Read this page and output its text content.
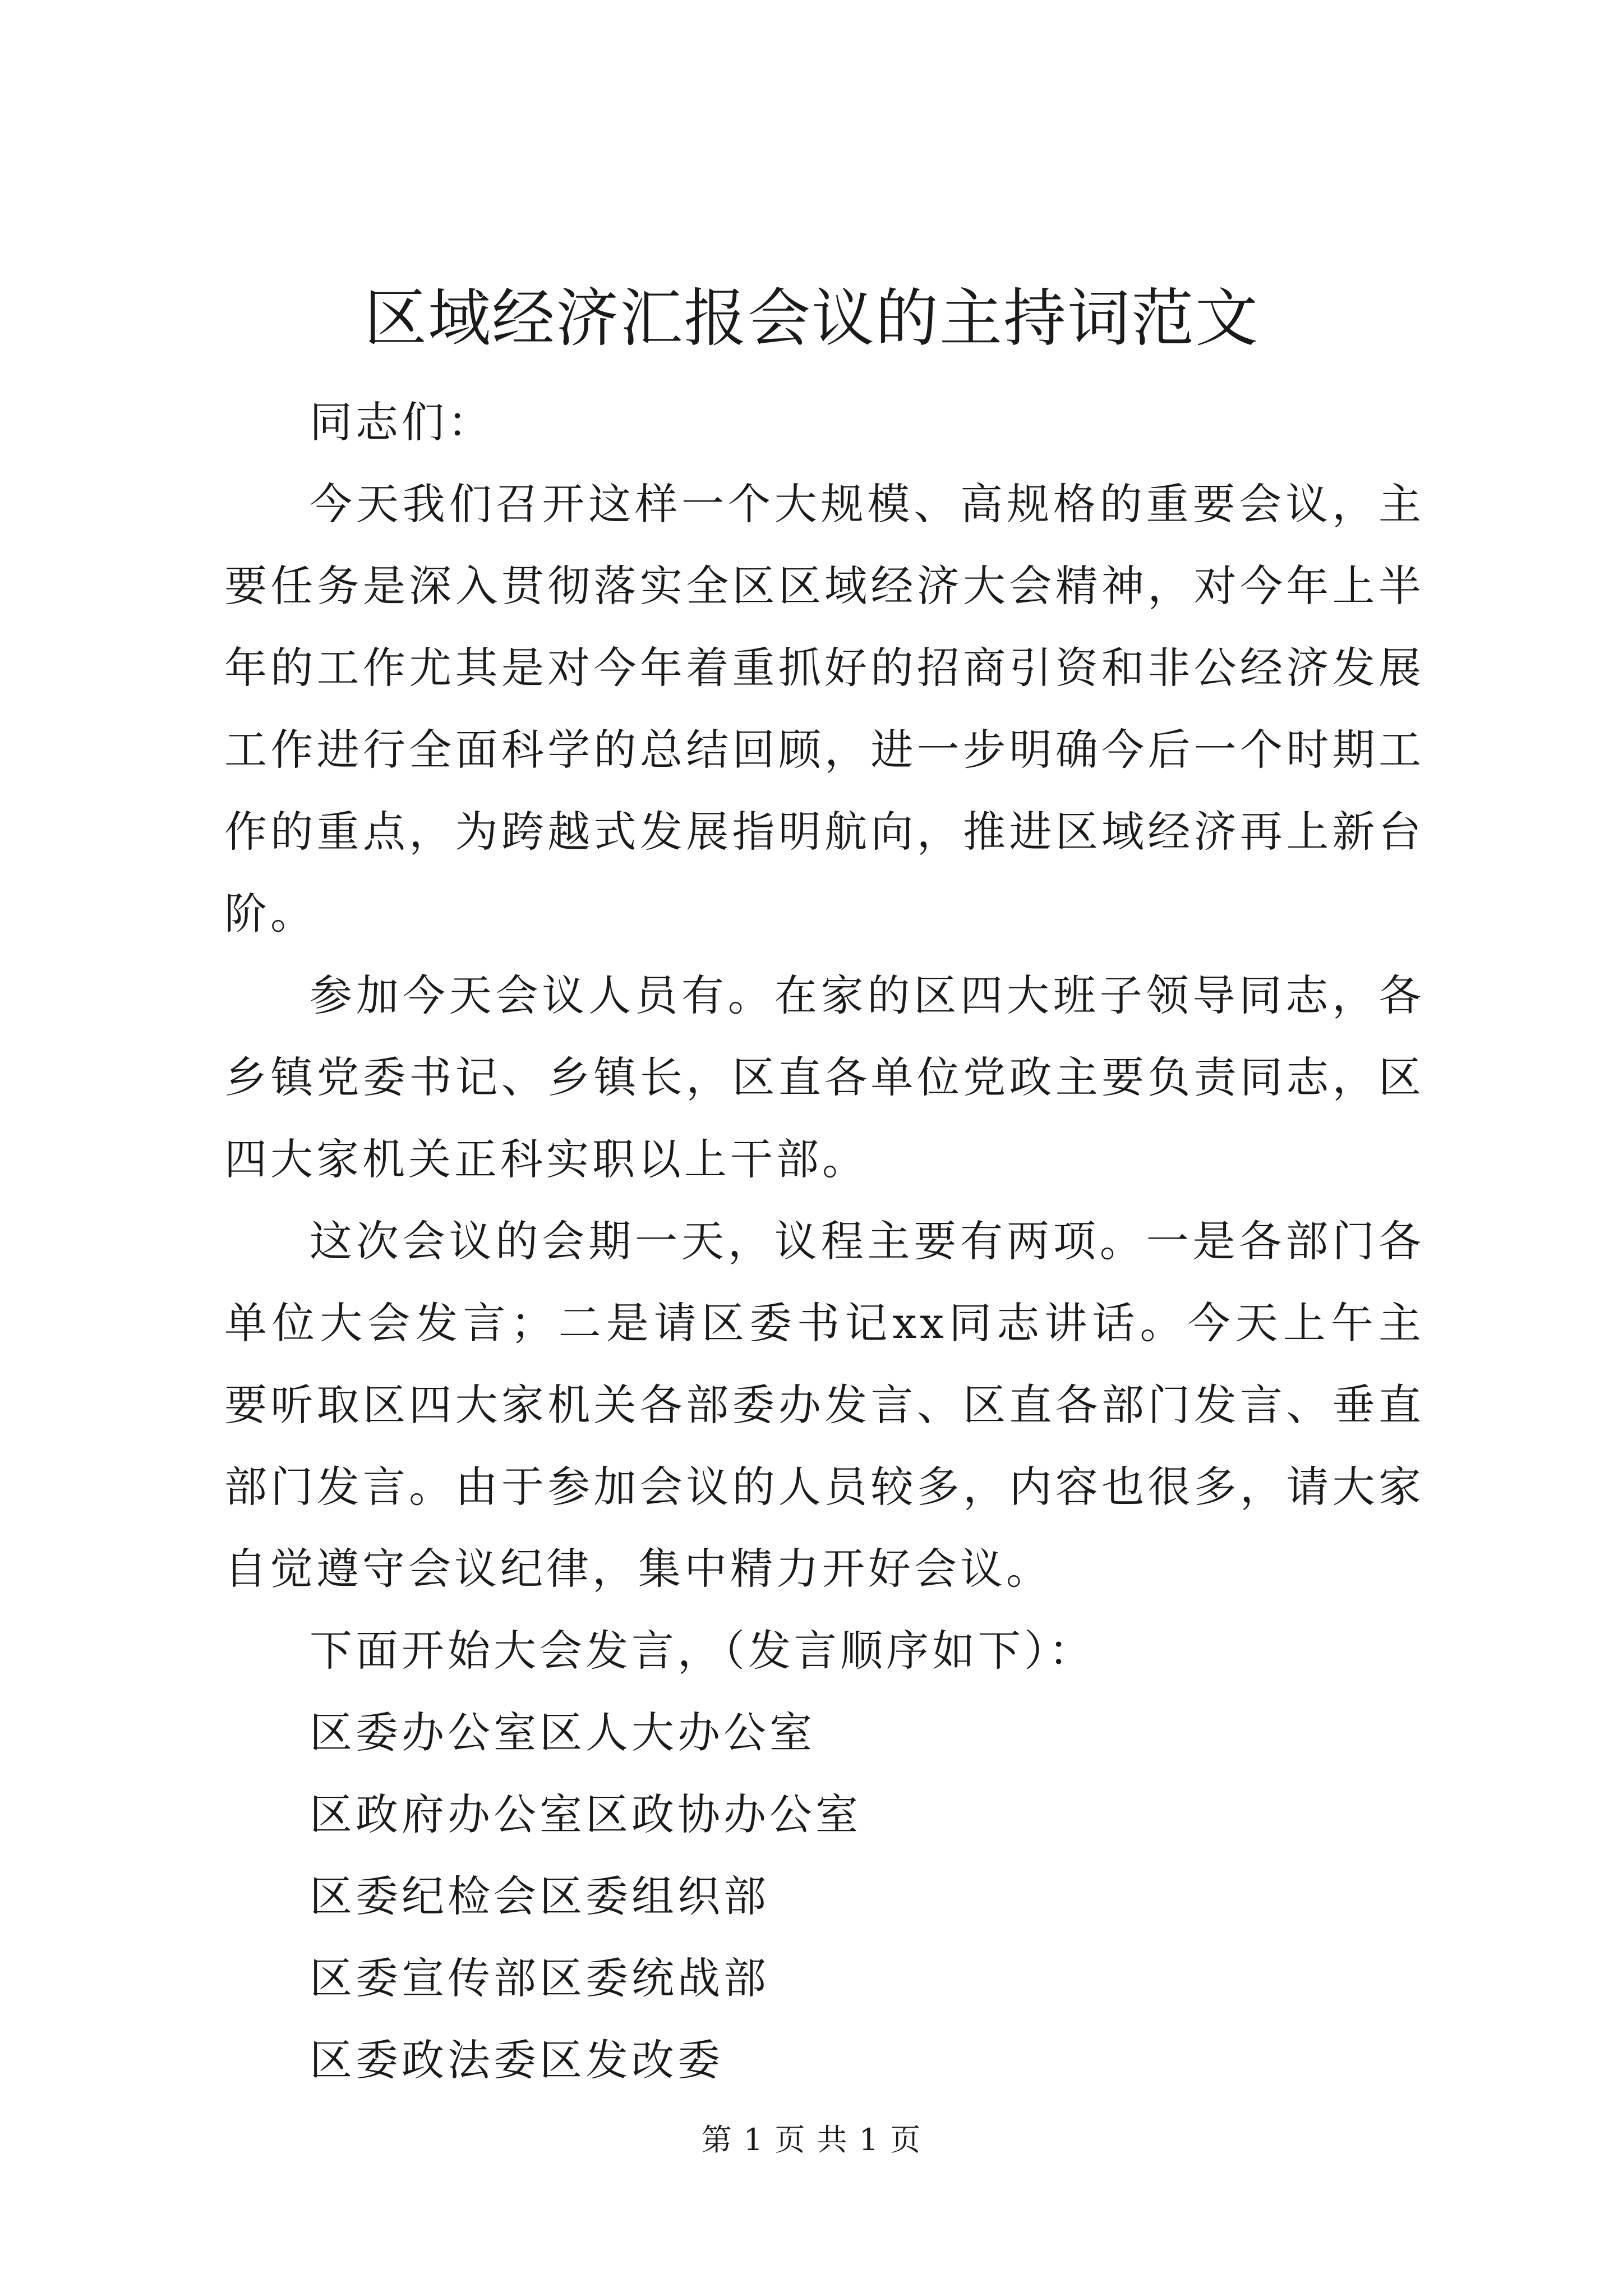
区域经济汇报会议的主持词范文

同志们：

今天我们召开这样一个大规模、高规格的重要会议，主要任务是深入贯彻落实全区区域经济大会精神，对今年上半年的工作尤其是对今年着重抓好的招商引资和非公经济发展工作进行全面科学的总结回顾，进一步明确今后一个时期工作的重点，为跨越式发展指明航向，推进区域经济再上新台阶。

参加今天会议人员有。在家的区四大班子领导同志，各乡镇党委书记、乡镇长，区直各单位党政主要负责同志，区四大家机关正科实职以上干部。

这次会议的会期一天，议程主要有两项。一是各部门各单位大会发言；二是请区委书记xx同志讲话。今天上午主要听取区四大家机关各部委办发言、区直各部门发言、垂直部门发言。由于参加会议的人员较多，内容也很多，请大家自觉遵守会议纪律，集中精力开好会议。

下面开始大会发言，（发言顺序如下）：

区委办公室区人大办公室

区政府办公室区政协办公室

区委纪检会区委组织部

区委宣传部区委统战部

区委政法委区发改委

第 1 页 共 1 页
